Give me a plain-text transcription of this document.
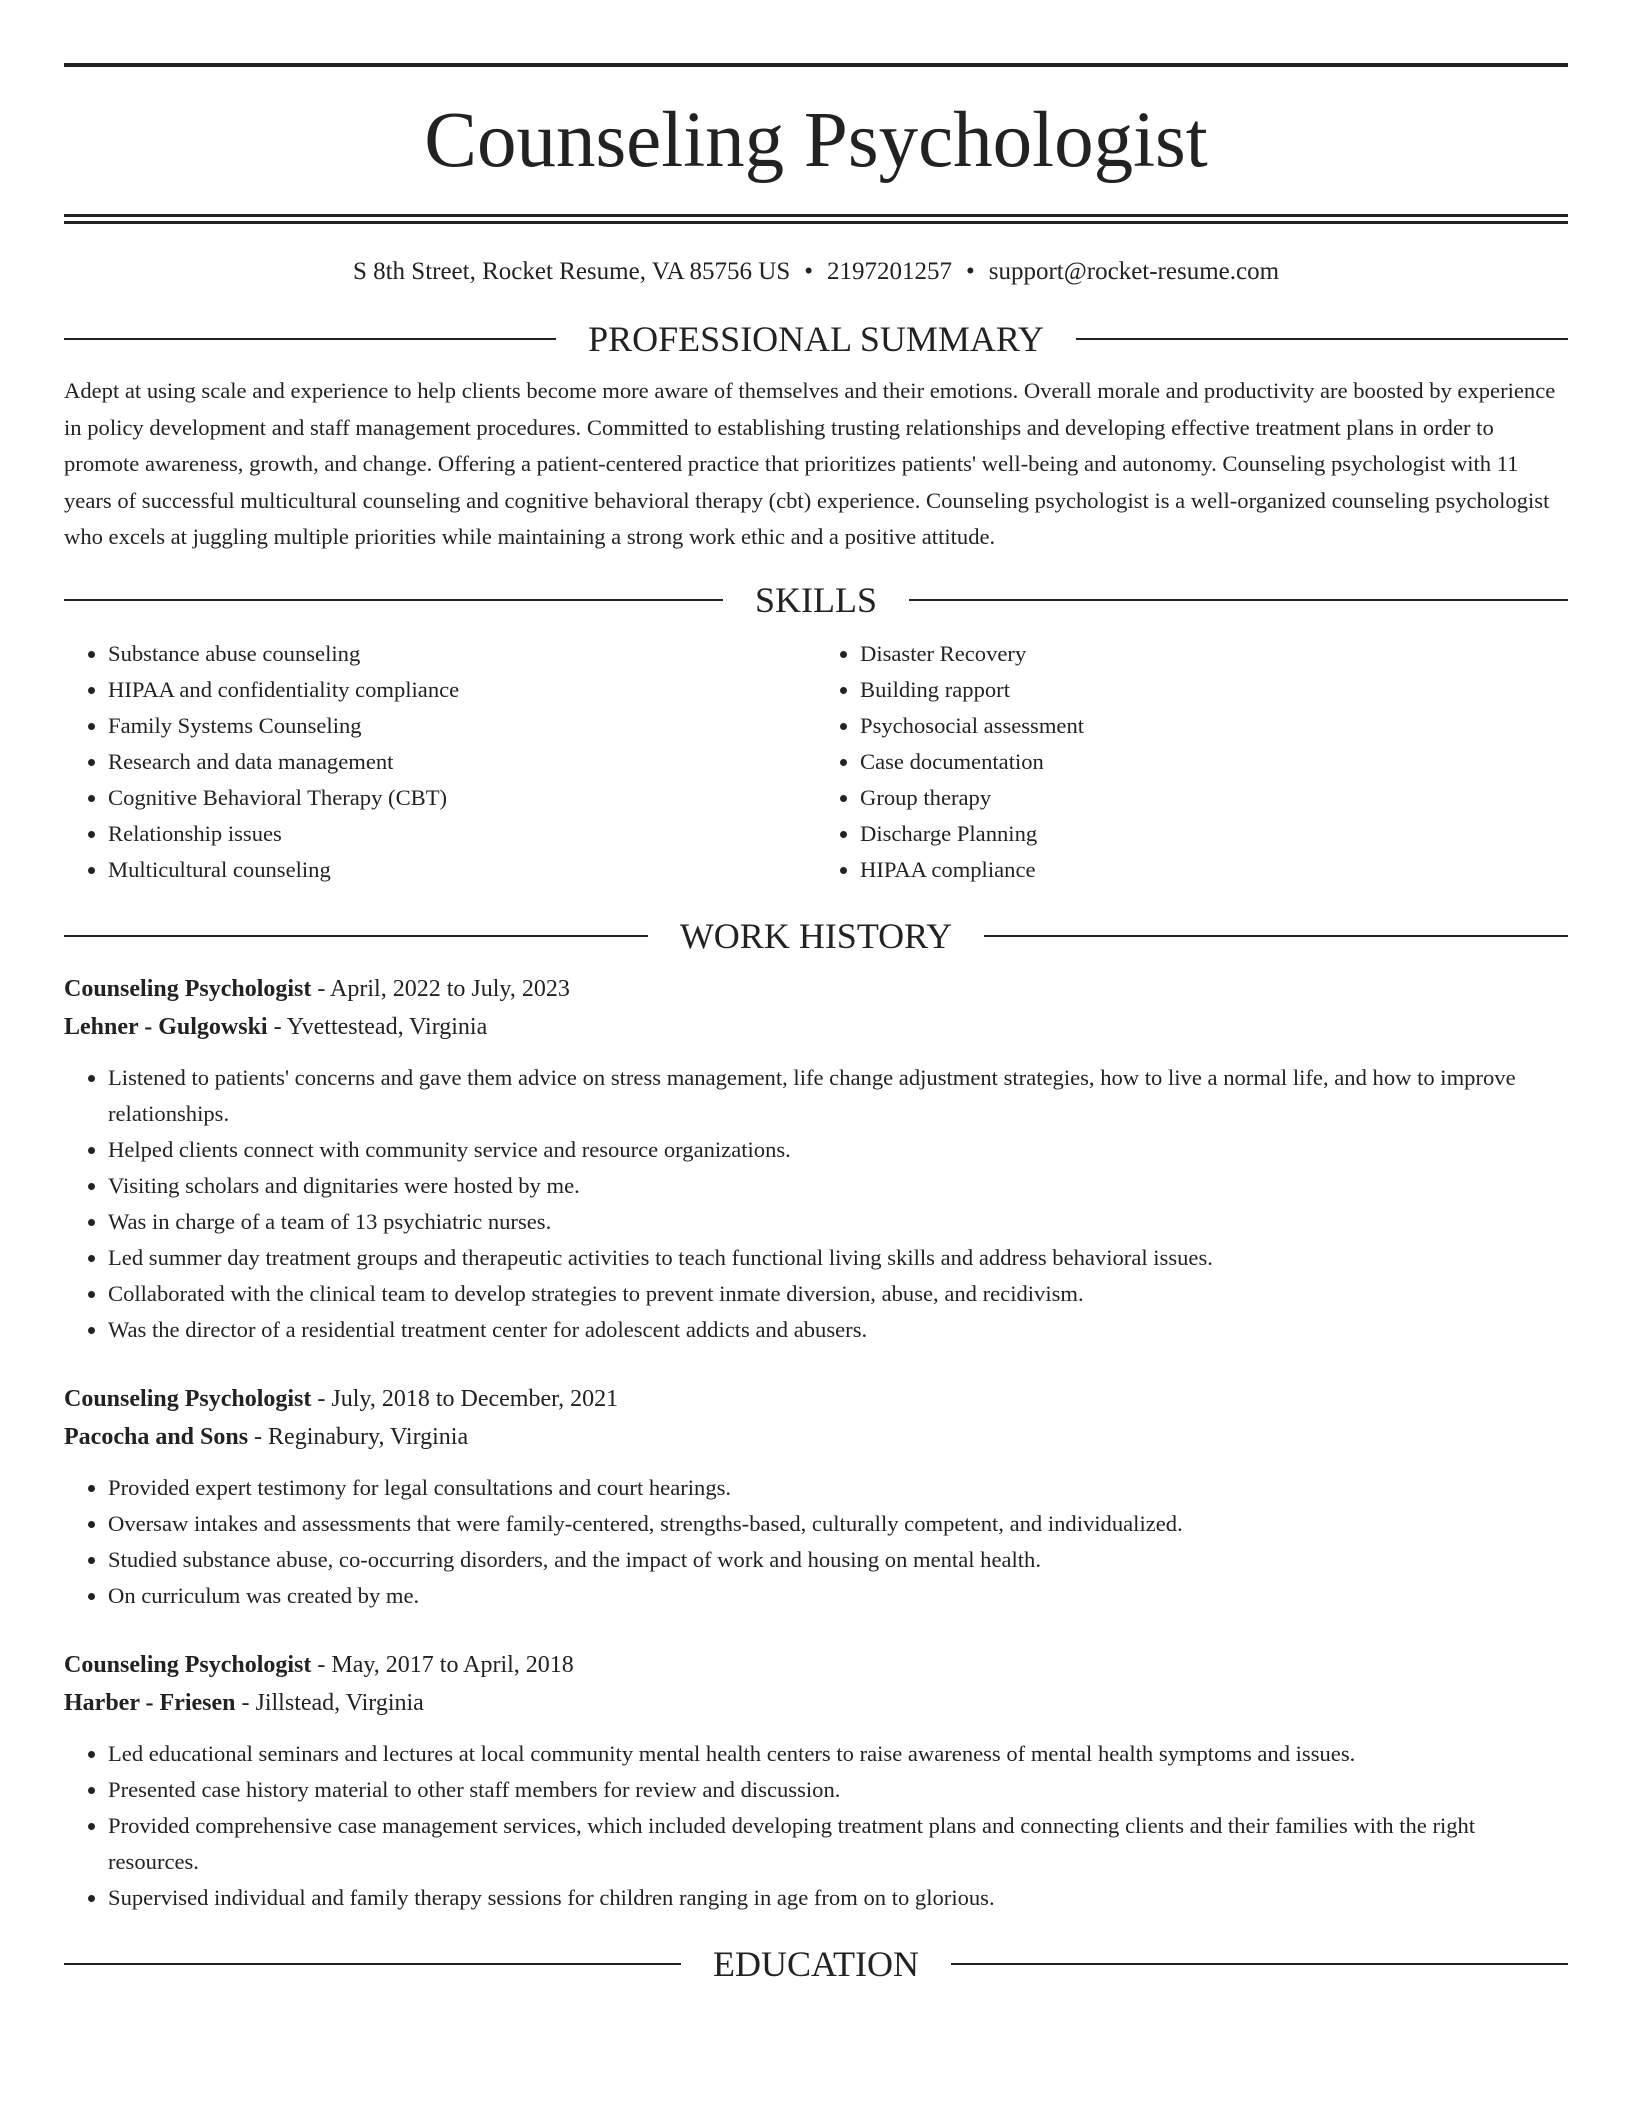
Counseling Psychologist
S 8th Street, Rocket Resume, VA 85756 US • 2197201257 • support@rocket-resume.com
PROFESSIONAL SUMMARY

Adept at using scale and experience to help clients become more aware of themselves and their emotions. Overall morale and productivity are boosted by experience in policy development and staff management procedures. Committed to establishing trusting relationships and developing effective treatment plans in order to promote awareness, growth, and change. Offering a patient-centered practice that prioritizes patients' well-being and autonomy. Counseling psychologist with 11 years of successful multicultural counseling and cognitive behavioral therapy (cbt) experience. Counseling psychologist is a well-organized counseling psychologist who excels at juggling multiple priorities while maintaining a strong work ethic and a positive attitude.

SKILLS
• Substance abuse counseling
• HIPAA and confidentiality compliance
• Family Systems Counseling
• Research and data management
• Cognitive Behavioral Therapy (CBT)
• Relationship issues
• Multicultural counseling
• Disaster Recovery
• Building rapport
• Psychosocial assessment
• Case documentation
• Group therapy
• Discharge Planning
• HIPAA compliance
WORK HISTORY
Counseling Psychologist - April, 2022 to July, 2023
Lehner - Gulgowski - Yvettestead, Virginia
• Listened to patients' concerns and gave them advice on stress management, life change adjustment strategies, how to live a normal life, and how to improve relationships.
• Helped clients connect with community service and resource organizations.
• Visiting scholars and dignitaries were hosted by me.
• Was in charge of a team of 13 psychiatric nurses.
• Led summer day treatment groups and therapeutic activities to teach functional living skills and address behavioral issues.
• Collaborated with the clinical team to develop strategies to prevent inmate diversion, abuse, and recidivism.
• Was the director of a residential treatment center for adolescent addicts and abusers.
Counseling Psychologist - July, 2018 to December, 2021
Pacocha and Sons - Reginabury, Virginia
• Provided expert testimony for legal consultations and court hearings.
• Oversaw intakes and assessments that were family-centered, strengths-based, culturally competent, and individualized.
• Studied substance abuse, co-occurring disorders, and the impact of work and housing on mental health.
• On curriculum was created by me.
Counseling Psychologist - May, 2017 to April, 2018
Harber - Friesen - Jillstead, Virginia
• Led educational seminars and lectures at local community mental health centers to raise awareness of mental health symptoms and issues.
• Presented case history material to other staff members for review and discussion.
• Provided comprehensive case management services, which included developing treatment plans and connecting clients and their families with the right resources.
• Supervised individual and family therapy sessions for children ranging in age from on to glorious.
EDUCATION
